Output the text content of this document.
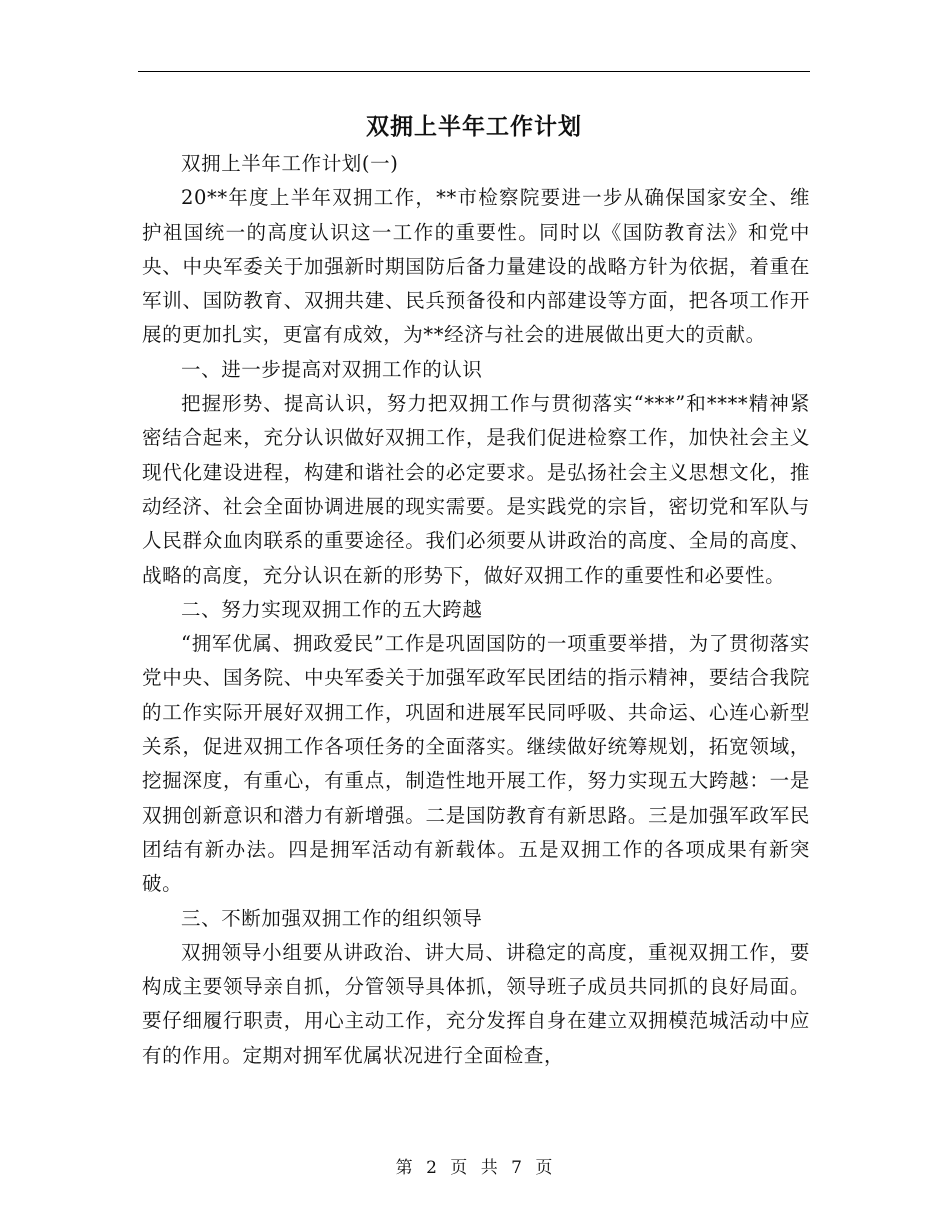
双拥上半年工作计划

双拥上半年工作计划(一)

20**年度上半年双拥工作，**市检察院要进一步从确保国家安全、维护祖国统一的高度认识这一工作的重要性。同时以《国防教育法》和党中央、中央军委关于加强新时期国防后备力量建设的战略方针为依据，着重在军训、国防教育、双拥共建、民兵预备役和内部建设等方面，把各项工作开展的更加扎实，更富有成效，为**经济与社会的进展做出更大的贡献。

一、进一步提高对双拥工作的认识

把握形势、提高认识，努力把双拥工作与贯彻落实“***”和****精神紧密结合起来，充分认识做好双拥工作，是我们促进检察工作，加快社会主义现代化建设进程，构建和谐社会的必定要求。是弘扬社会主义思想文化，推动经济、社会全面协调进展的现实需要。是实践党的宗旨，密切党和军队与人民群众血肉联系的重要途径。我们必须要从讲政治的高度、全局的高度、战略的高度，充分认识在新的形势下，做好双拥工作的重要性和必要性。

二、努力实现双拥工作的五大跨越

“拥军优属、拥政爱民”工作是巩固国防的一项重要举措，为了贯彻落实党中央、国务院、中央军委关于加强军政军民团结的指示精神，要结合我院的工作实际开展好双拥工作，巩固和进展军民同呼吸、共命运、心连心新型关系，促进双拥工作各项任务的全面落实。继续做好统筹规划，拓宽领域，挖掘深度，有重心，有重点，制造性地开展工作，努力实现五大跨越：一是双拥创新意识和潜力有新增强。二是国防教育有新思路。三是加强军政军民团结有新办法。四是拥军活动有新载体。五是双拥工作的各项成果有新突破。

三、不断加强双拥工作的组织领导

双拥领导小组要从讲政治、讲大局、讲稳定的高度，重视双拥工作，要构成主要领导亲自抓，分管领导具体抓，领导班子成员共同抓的良好局面。要仔细履行职责，用心主动工作，充分发挥自身在建立双拥模范城活动中应有的作用。定期对拥军优属状况进行全面检查，

第 2 页 共 7 页
